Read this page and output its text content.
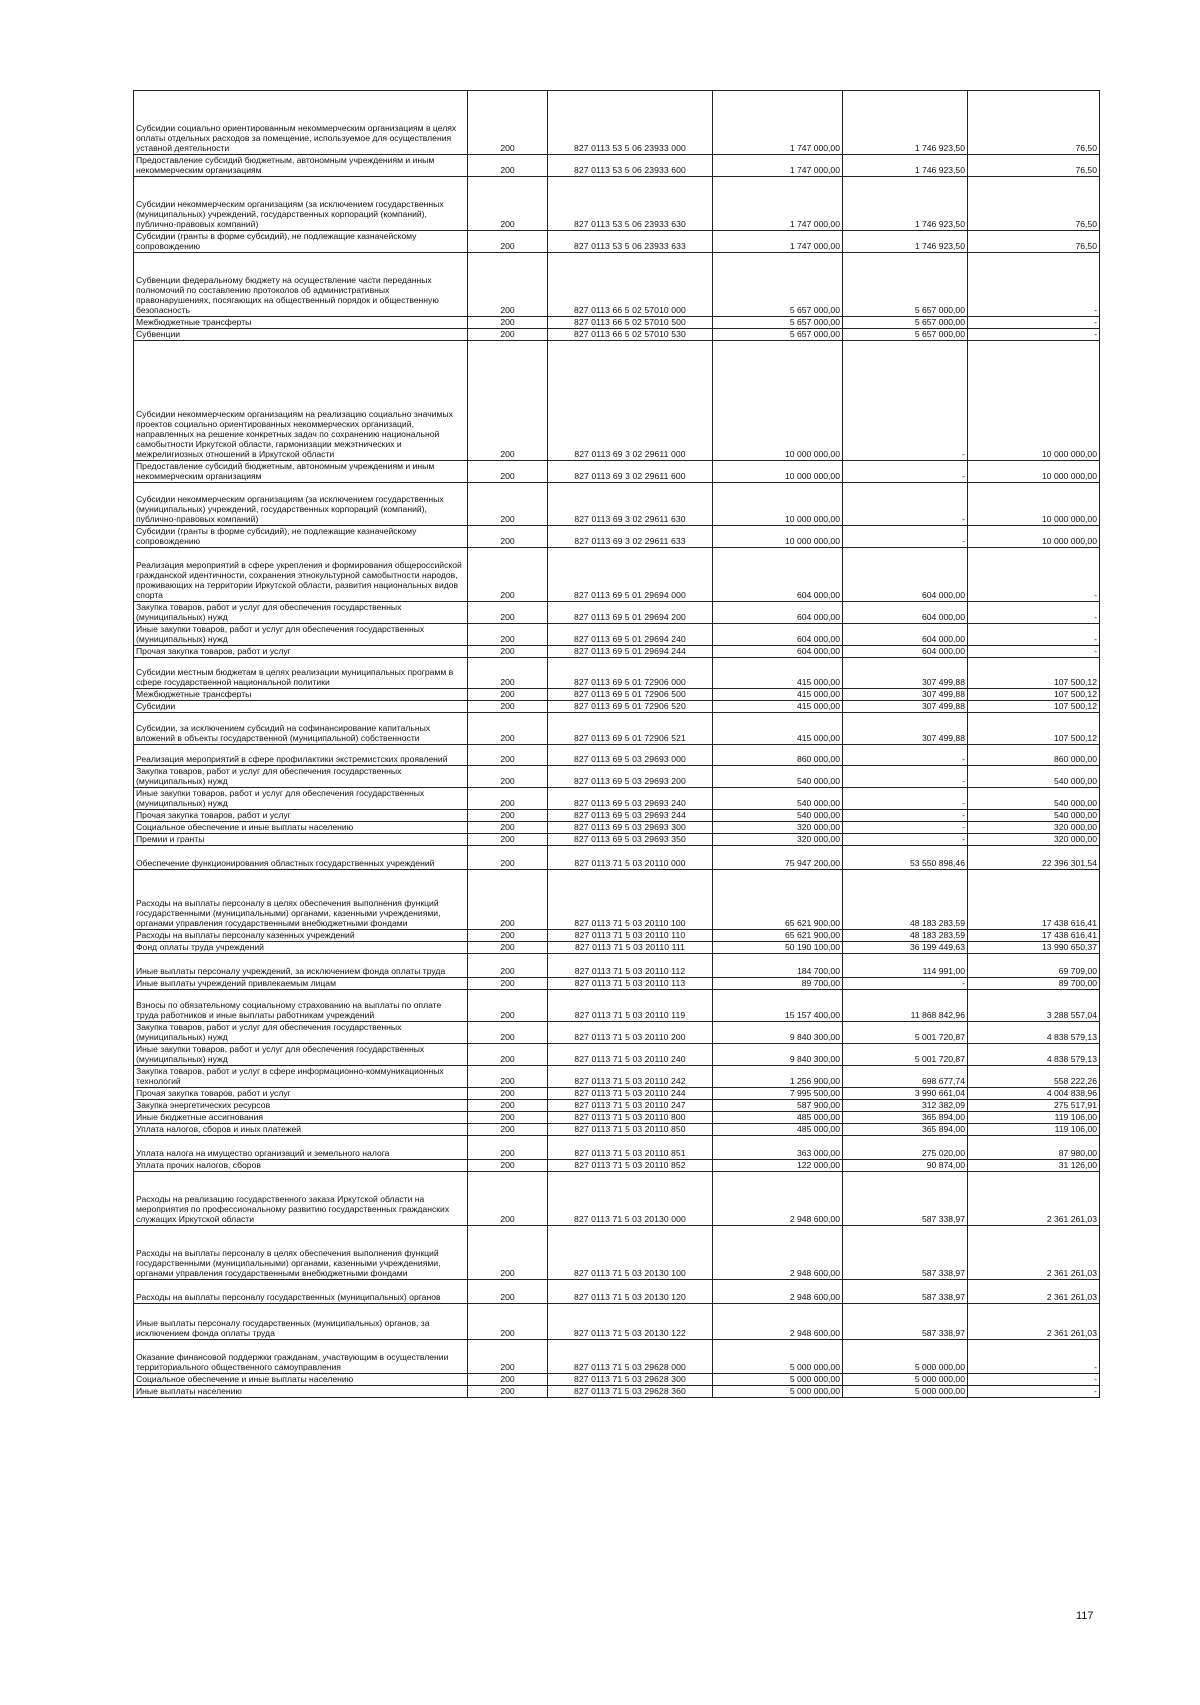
Субсидии социально ориентированным некоммерческим организациям в целях оплаты отдельных расходов за помещение, используемое для осуществления уставной деятельности	200	827 0113 53 5 06 23933 000	1 747 000,00	1 746 923,50	76,50
Предоставление субсидий бюджетным, автономным учреждениям и иным некоммерческим организациям	200	827 0113 53 5 06 23933 600	1 747 000,00	1 746 923,50	76,50
Субсидии некоммерческим организациям (за исключением государственных (муниципальных) учреждений, государственных корпораций (компаний), публично-правовых компаний)	200	827 0113 53 5 06 23933 630	1 747 000,00	1 746 923,50	76,50
Субсидии (гранты в форме субсидий), не подлежащие казначейскому сопровождению	200	827 0113 53 5 06 23933 633	1 747 000,00	1 746 923,50	76,50
Субвенции федеральному бюджету на осуществление части переданных полномочий по составлению протоколов об административных правонарушениях, посягающих на общественный порядок и общественную безопасность	200	827 0113 66 5 02 57010 000	5 657 000,00	5 657 000,00	-
Межбюджетные трансферты	200	827 0113 66 5 02 57010 500	5 657 000,00	5 657 000,00	-
Субвенции	200	827 0113 66 5 02 57010 530	5 657 000,00	5 657 000,00	-
Субсидии некоммерческим организациям на реализацию социально значимых проектов социально ориентированных некоммерческих организаций, направленных на решение конкретных задач по сохранению национальной самобытности Иркутской области, гармонизации межэтнических и межрелигиозных отношений в Иркутской области	200	827 0113 69 3 02 29611 000	10 000 000,00	-	10 000 000,00
Предоставление субсидий бюджетным, автономным учреждениям и иным некоммерческим организациям	200	827 0113 69 3 02 29611 600	10 000 000,00	-	10 000 000,00
Субсидии некоммерческим организациям (за исключением государственных (муниципальных) учреждений, государственных корпораций (компаний), публично-правовых компаний)	200	827 0113 69 3 02 29611 630	10 000 000,00	-	10 000 000,00
Субсидии (гранты в форме субсидий), не подлежащие казначейскому сопровождению	200	827 0113 69 3 02 29611 633	10 000 000,00	-	10 000 000,00
Реализация мероприятий в сфере укрепления и формирования общероссийской гражданской идентичности, сохранения этнокультурной самобытности народов, проживающих на территории Иркутской области, развития национальных видов спорта	200	827 0113 69 5 01 29694 000	604 000,00	604 000,00	-
Закупка товаров, работ и услуг для обеспечения государственных (муниципальных) нужд	200	827 0113 69 5 01 29694 200	604 000,00	604 000,00	-
Иные закупки товаров, работ и услуг для обеспечения государственных (муниципальных) нужд	200	827 0113 69 5 01 29694 240	604 000,00	604 000,00	-
Прочая закупка товаров, работ и услуг	200	827 0113 69 5 01 29694 244	604 000,00	604 000,00	-
Субсидии местным бюджетам в целях реализации муниципальных программ в сфере государственной национальной политики	200	827 0113 69 5 01 72906 000	415 000,00	307 499,88	107 500,12
Межбюджетные трансферты	200	827 0113 69 5 01 72906 500	415 000,00	307 499,88	107 500,12
Субсидии	200	827 0113 69 5 01 72906 520	415 000,00	307 499,88	107 500,12
Субсидии, за исключением субсидий на софинансирование капитальных вложений в объекты государственной (муниципальной) собственности	200	827 0113 69 5 01 72906 521	415 000,00	307 499,88	107 500,12
Реализация мероприятий в сфере профилактики экстремистских проявлений	200	827 0113 69 5 03 29693 000	860 000,00	-	860 000,00
Закупка товаров, работ и услуг для обеспечения государственных (муниципальных) нужд	200	827 0113 69 5 03 29693 200	540 000,00	-	540 000,00
Иные закупки товаров, работ и услуг для обеспечения государственных (муниципальных) нужд	200	827 0113 69 5 03 29693 240	540 000,00	-	540 000,00
Прочая закупка товаров, работ и услуг	200	827 0113 69 5 03 29693 244	540 000,00	-	540 000,00
Социальное обеспечение и иные выплаты населению	200	827 0113 69 5 03 29693 300	320 000,00	-	320 000,00
Премии и гранты	200	827 0113 69 5 03 29693 350	320 000,00	-	320 000,00
Обеспечение функционирования областных государственных учреждений	200	827 0113 71 5 03 20110 000	75 947 200,00	53 550 898,46	22 396 301,54
Расходы на выплаты персоналу в целях обеспечения выполнения функций государственными (муниципальными) органами, казенными учреждениями, органами управления государственными внебюджетными фондами	200	827 0113 71 5 03 20110 100	65 621 900,00	48 183 283,59	17 438 616,41
Расходы на выплаты персоналу казенных учреждений	200	827 0113 71 5 03 20110 110	65 621 900,00	48 183 283,59	17 438 616,41
Фонд оплаты труда учреждений	200	827 0113 71 5 03 20110 111	50 190 100,00	36 199 449,63	13 990 650,37
Иные выплаты персоналу учреждений, за исключением фонда оплаты труда	200	827 0113 71 5 03 20110 112	184 700,00	114 991,00	69 709,00
Иные выплаты учреждений привлекаемым лицам	200	827 0113 71 5 03 20110 113	89 700,00	-	89 700,00
Взносы по обязательному социальному страхованию на выплаты по оплате труда работников и иные выплаты работникам учреждений	200	827 0113 71 5 03 20110 119	15 157 400,00	11 868 842,96	3 288 557,04
Закупка товаров, работ и услуг для обеспечения государственных (муниципальных) нужд	200	827 0113 71 5 03 20110 200	9 840 300,00	5 001 720,87	4 838 579,13
Иные закупки товаров, работ и услуг для обеспечения государственных (муниципальных) нужд	200	827 0113 71 5 03 20110 240	9 840 300,00	5 001 720,87	4 838 579,13
Закупка товаров, работ и услуг в сфере информационно-коммуникационных технологий	200	827 0113 71 5 03 20110 242	1 256 900,00	698 677,74	558 222,26
Прочая закупка товаров, работ и услуг	200	827 0113 71 5 03 20110 244	7 995 500,00	3 990 661,04	4 004 838,96
Закупка энергетических ресурсов	200	827 0113 71 5 03 20110 247	587 900,00	312 382,09	275 517,91
Иные бюджетные ассигнования	200	827 0113 71 5 03 20110 800	485 000,00	365 894,00	119 106,00
Уплата налогов, сборов и иных платежей	200	827 0113 71 5 03 20110 850	485 000,00	365 894,00	119 106,00
Уплата налога на имущество организаций и земельного налога	200	827 0113 71 5 03 20110 851	363 000,00	275 020,00	87 980,00
Уплата прочих налогов, сборов	200	827 0113 71 5 03 20110 852	122 000,00	90 874,00	31 126,00
Расходы на реализацию государственного заказа Иркутской области на мероприятия по профессиональному развитию государственных гражданских служащих Иркутской области	200	827 0113 71 5 03 20130 000	2 948 600,00	587 338,97	2 361 261,03
Расходы на выплаты персоналу в целях обеспечения выполнения функций государственными (муниципальными) органами, казенными учреждениями, органами управления государственными внебюджетными фондами	200	827 0113 71 5 03 20130 100	2 948 600,00	587 338,97	2 361 261,03
Расходы на выплаты персоналу государственных (муниципальных) органов	200	827 0113 71 5 03 20130 120	2 948 600,00	587 338,97	2 361 261,03
Иные выплаты персоналу государственных (муниципальных) органов, за исключением фонда оплаты труда	200	827 0113 71 5 03 20130 122	2 948 600,00	587 338,97	2 361 261,03
Оказание финансовой поддержки гражданам, участвующим в осуществлении территориального общественного самоуправления	200	827 0113 71 5 03 29628 000	5 000 000,00	5 000 000,00	-
Социальное обеспечение и иные выплаты населению	200	827 0113 71 5 03 29628 300	5 000 000,00	5 000 000,00	-
Иные выплаты населению	200	827 0113 71 5 03 29628 360	5 000 000,00	5 000 000,00	-
117
